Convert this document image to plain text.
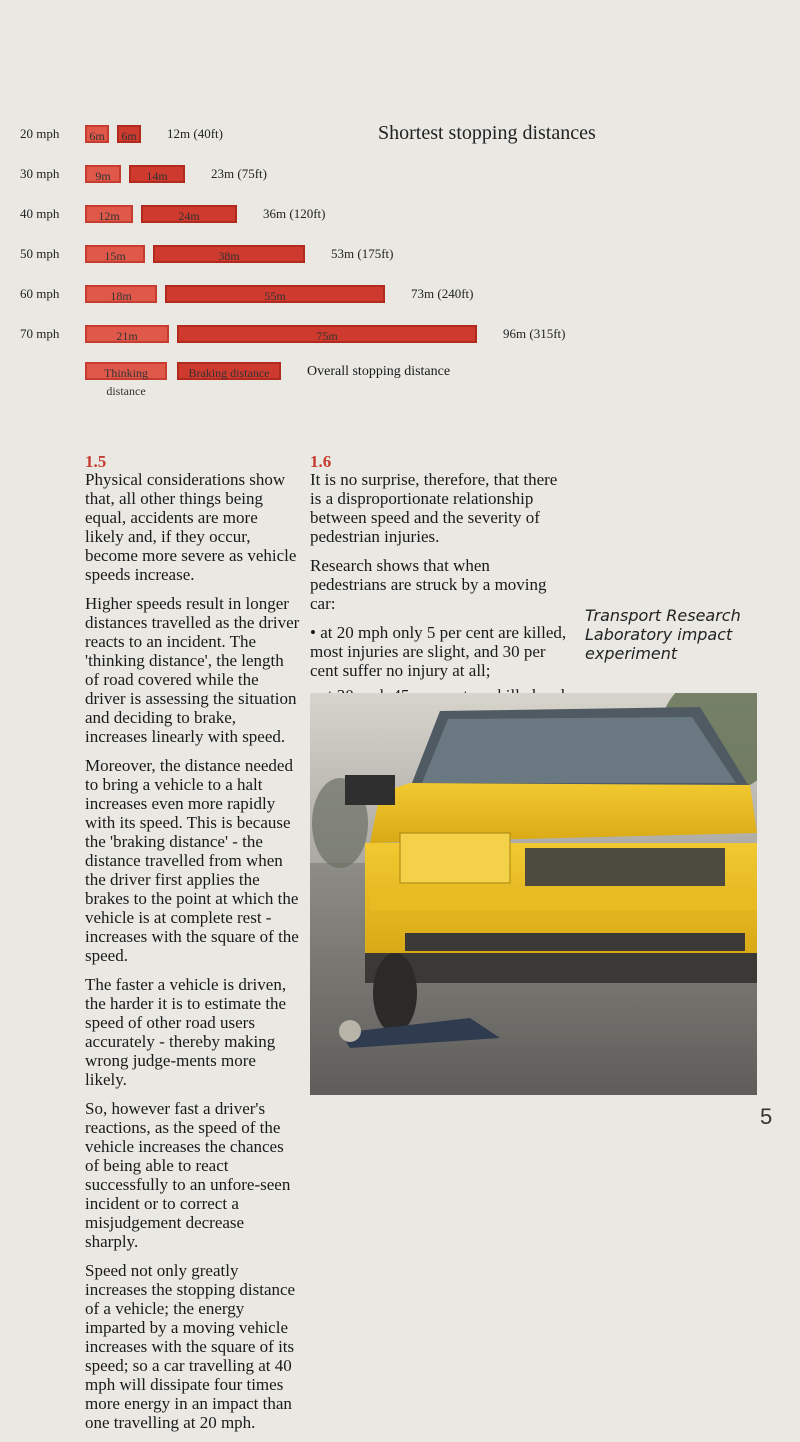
Shortest stopping distances
20 mph	6m	6m	12m (40ft)
30 mph	9m	14m	23m (75ft)
40 mph	12m	24m	36m (120ft)
50 mph	15m	38m	53m (175ft)
60 mph	18m	55m	73m (240ft)
70 mph	21m	75m	96m (315ft)
Thinking distance
Braking distance	Overall stopping distance
1.5

Physical considerations show that, all other things being equal, accidents are more likely and, if they occur, become more severe as vehicle speeds increase.

Higher speeds result in longer distances travelled as the driver reacts to an incident. The 'thinking distance', the length of road covered while the driver is assessing the situation and deciding to brake, increases linearly with speed.

Moreover, the distance needed to bring a vehicle to a halt increases even more rapidly with its speed. This is because the 'braking distance' - the distance travelled from when the driver first applies the brakes to the point at which the vehicle is at complete rest - increases with the square of the speed.

The faster a vehicle is driven, the harder it is to estimate the speed of other road users accurately - thereby making wrong judge-ments more likely.

So, however fast a driver's reactions, as the speed of the vehicle increases the chances of being able to react successfully to an unfore-seen incident or to correct a misjudgement decrease sharply.

Speed not only greatly increases the stopping distance of a vehicle; the energy imparted by a moving vehicle increases with the square of its speed; so a car travelling at 40 mph will dissipate four times more energy in an impact than one travelling at 20 mph.

1.6

It is no surprise, therefore, that there is a disproportionate relationship between speed and the severity of pedestrian injuries.

Research shows that when pedestrians are struck by a moving car:

• at 20 mph only 5 per cent are killed, most injuries are slight, and 30 per cent suffer no injury at all;

Transport Research Laboratory impact experiment
5
